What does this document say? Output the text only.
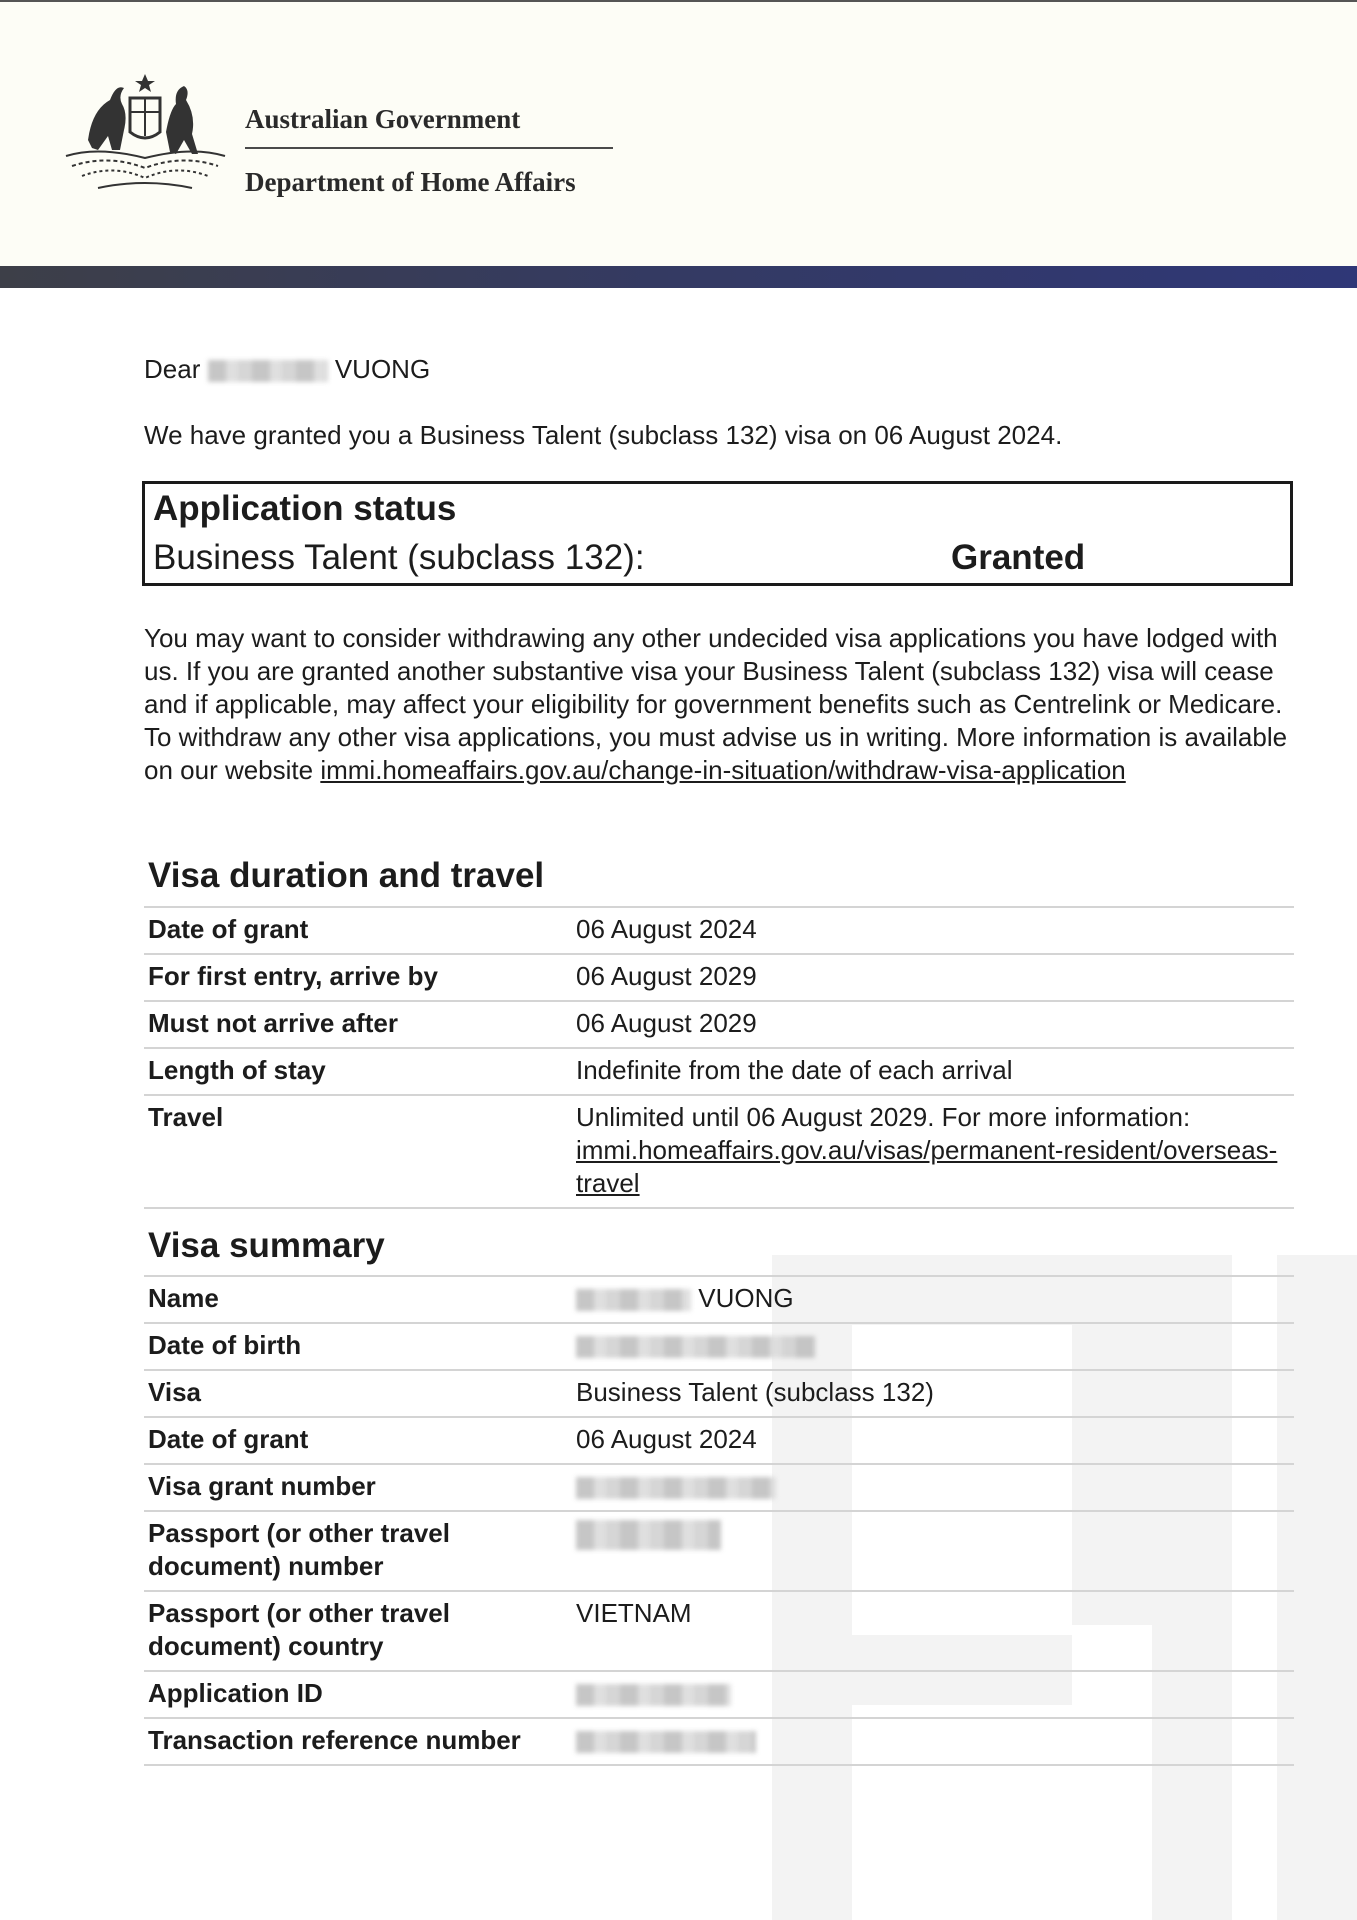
Australian Government
Department of Home Affairs
Dear	VUONG
We have granted you a Business Talent (subclass 132) visa on 06 August 2024.
Application status
Business Talent (subclass 132):	Granted
You may want to consider withdrawing any other undecided visa applications you have lodged with us. If you are granted another substantive visa your Business Talent (subclass 132) visa will cease and if applicable, may affect your eligibility for government benefits such as Centrelink or Medicare. To withdraw any other visa applications, you must advise us in writing. More information is available on our website immi.homeaffairs.gov.au/change-in-situation/withdraw-visa-application
Visa duration and travel
Date of grant	06 August 2024
For first entry, arrive by	06 August 2029
Must not arrive after	06 August 2029
Length of stay	Indefinite from the date of each arrival
Travel	Unlimited until 06 August 2029. For more information: immi.homeaffairs.gov.au/visas/permanent-resident/overseas-travel
Visa summary
Name	VUONG
Date of birth	
Visa	Business Talent (subclass 132)
Date of grant	06 August 2024
Visa grant number	
Passport (or other travel document) number	
Passport (or other travel document) country	VIETNAM
Application ID	
Transaction reference number	
